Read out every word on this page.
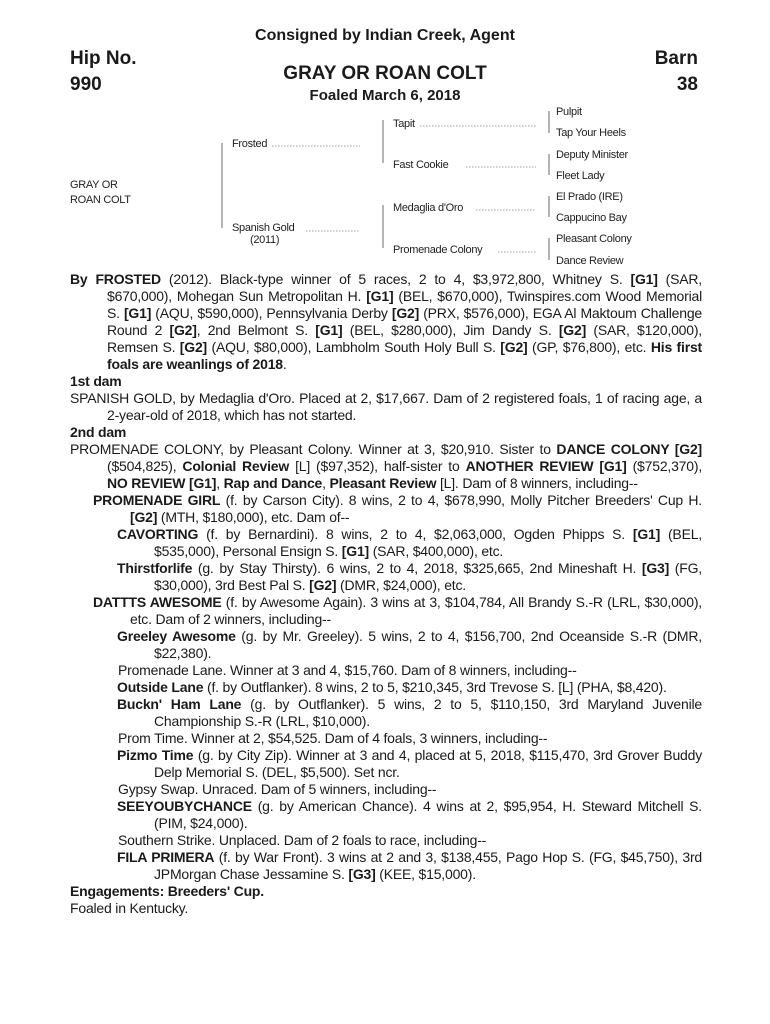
Consigned by Indian Creek, Agent
Hip No.
990
Barn
38
GRAY OR ROAN COLT
Foaled March 6, 2018
GRAY OR
ROAN COLT
Frosted
Spanish Gold
(2011)
Tapit
Fast Cookie
Medaglia d'Oro
Promenade Colony
Pulpit
Tap Your Heels
Deputy Minister
Fleet Lady
El Prado (IRE)
Cappucino Bay
Pleasant Colony
Dance Review

By FROSTED (2012). Black-type winner of 5 races, 2 to 4, $3,972,800, Whitney S. [G1] (SAR, $670,000), Mohegan Sun Metropolitan H. [G1] (BEL, $670,000), Twinspires.com Wood Memorial S. [G1] (AQU, $590,000), Pennsylvania Derby [G2] (PRX, $576,000), EGA Al Maktoum Challenge Round 2 [G2], 2nd Belmont S. [G1] (BEL, $280,000), Jim Dandy S. [G2] (SAR, $120,000), Remsen S. [G2] (AQU, $80,000), Lambholm South Holy Bull S. [G2] (GP, $76,800), etc. His first foals are weanlings of 2018.

1st dam

SPANISH GOLD, by Medaglia d'Oro. Placed at 2, $17,667. Dam of 2 registered foals, 1 of racing age, a 2-year-old of 2018, which has not started.

2nd dam

PROMENADE COLONY, by Pleasant Colony. Winner at 3, $20,910. Sister to DANCE COLONY [G2] ($504,825), Colonial Review [L] ($97,352), half-sister to ANOTHER REVIEW [G1] ($752,370), NO REVIEW [G1], Rap and Dance, Pleasant Review [L]. Dam of 8 winners, including--

PROMENADE GIRL (f. by Carson City). 8 wins, 2 to 4, $678,990, Molly Pitcher Breeders' Cup H. [G2] (MTH, $180,000), etc. Dam of--

CAVORTING (f. by Bernardini). 8 wins, 2 to 4, $2,063,000, Ogden Phipps S. [G1] (BEL, $535,000), Personal Ensign S. [G1] (SAR, $400,000), etc.

Thirstforlife (g. by Stay Thirsty). 6 wins, 2 to 4, 2018, $325,665, 2nd Mineshaft H. [G3] (FG, $30,000), 3rd Best Pal S. [G2] (DMR, $24,000), etc.

DATTTS AWESOME (f. by Awesome Again). 3 wins at 3, $104,784, All Brandy S.-R (LRL, $30,000), etc. Dam of 2 winners, including--

Greeley Awesome (g. by Mr. Greeley). 5 wins, 2 to 4, $156,700, 2nd Oceanside S.-R (DMR, $22,380).

Promenade Lane. Winner at 3 and 4, $15,760. Dam of 8 winners, including--

Outside Lane (f. by Outflanker). 8 wins, 2 to 5, $210,345, 3rd Trevose S. [L] (PHA, $8,420).

Buckn' Ham Lane (g. by Outflanker). 5 wins, 2 to 5, $110,150, 3rd Maryland Juvenile Championship S.-R (LRL, $10,000).

Prom Time. Winner at 2, $54,525. Dam of 4 foals, 3 winners, including--

Pizmo Time (g. by City Zip). Winner at 3 and 4, placed at 5, 2018, $115,470, 3rd Grover Buddy Delp Memorial S. (DEL, $5,500). Set ncr.

Gypsy Swap. Unraced. Dam of 5 winners, including--

SEEYOUBYCHANCE (g. by American Chance). 4 wins at 2, $95,954, H. Steward Mitchell S. (PIM, $24,000).

Southern Strike. Unplaced. Dam of 2 foals to race, including--

FILA PRIMERA (f. by War Front). 3 wins at 2 and 3, $138,455, Pago Hop S. (FG, $45,750), 3rd JPMorgan Chase Jessamine S. [G3] (KEE, $15,000).

Engagements: Breeders' Cup.

Foaled in Kentucky.
